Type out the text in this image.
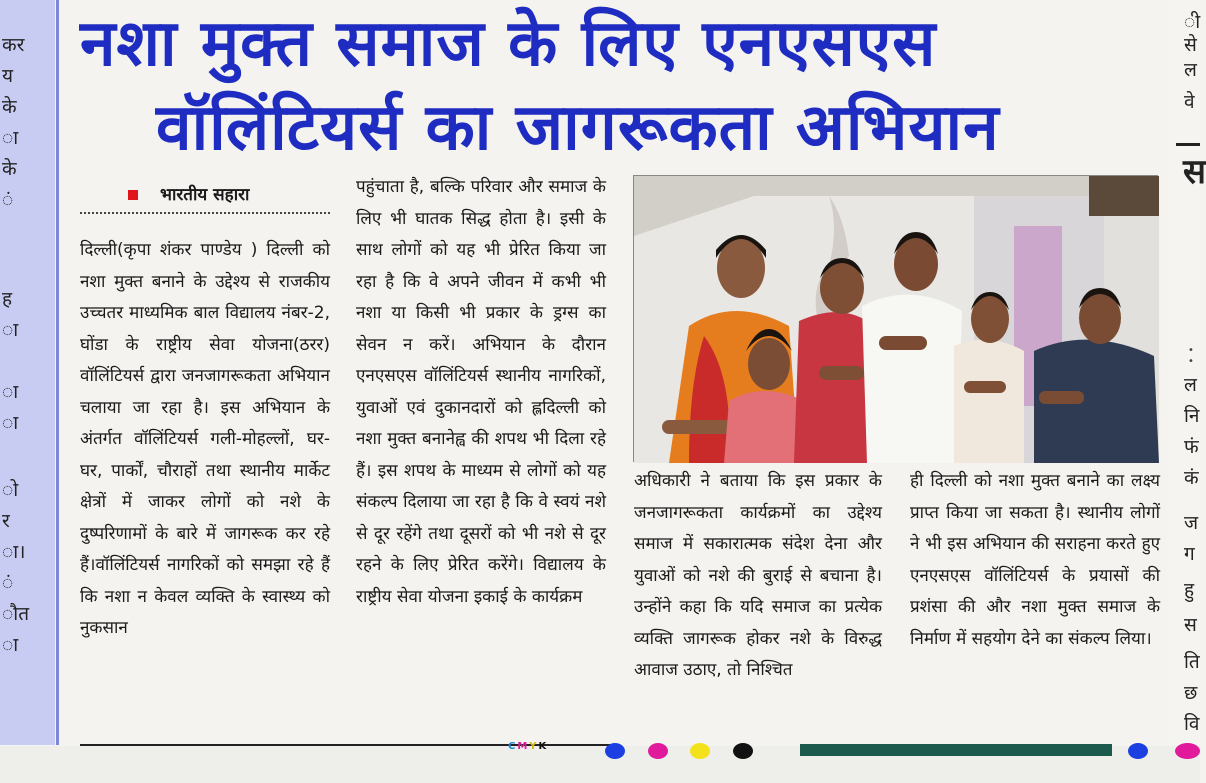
कर
य
के
ा
के
ं
ह
ा
ा
ा
ो
र
ा।
ं
ौत
ा
नशा मुक्त समाज के लिए एनएसएस
वॉलिंटियर्स का जागरूकता अभियान
भारतीय सहारा
दिल्ली(कृपा शंकर पाण्डेय ) दिल्ली को नशा मुक्त बनाने के उद्देश्य से राजकीय उच्चतर माध्यमिक बाल विद्यालय नंबर-2, घोंडा के राष्ट्रीय सेवा योजना(ठरर) वॉलिंटियर्स द्वारा जनजागरूकता अभियान चलाया जा रहा है। इस अभियान के अंतर्गत वॉलिंटियर्स गली-मोहल्लों, घर-घर, पार्कों, चौराहों तथा स्थानीय मार्केट क्षेत्रों में जाकर लोगों को नशे के दुष्परिणामों के बारे में जागरूक कर रहे हैं।वॉलिंटियर्स नागरिकों को समझा रहे हैं कि नशा न केवल व्यक्ति के स्वास्थ्य को नुकसान
पहुंचाता है, बल्कि परिवार और समाज के लिए भी घातक सिद्ध होता है। इसी के साथ लोगों को यह भी प्रेरित किया जा रहा है कि वे अपने जीवन में कभी भी नशा या किसी भी प्रकार के ड्रग्स का सेवन न करें। अभियान के दौरान एनएसएस वॉलिंटियर्स स्थानीय नागरिकों, युवाओं एवं दुकानदारों को ह्लदिल्ली को नशा मुक्त बनानेह्व की शपथ भी दिला रहे हैं। इस शपथ के माध्यम से लोगों को यह संकल्प दिलाया जा रहा है कि वे स्वयं नशे से दूर रहेंगे तथा दूसरों को भी नशे से दूर रहने के लिए प्रेरित करेंगे। विद्यालय के राष्ट्रीय सेवा योजना इकाई के कार्यक्रम
अधिकारी ने बताया कि इस प्रकार के जनजागरूकता कार्यक्रमों का उद्देश्य समाज में सकारात्मक संदेश देना और युवाओं को नशे की बुराई से बचाना है। उन्होंने कहा कि यदि समाज का प्रत्येक व्यक्ति जागरूक होकर नशे के विरुद्ध आवाज उठाए, तो निश्चित
ही दिल्ली को नशा मुक्त बनाने का लक्ष्य प्राप्त किया जा सकता है। स्थानीय लोगों ने भी इस अभियान की सराहना करते हुए एनएसएस वॉलिंटियर्स के प्रयासों की प्रशंसा की और नशा मुक्त समाज के निर्माण में सहयोग देने का संकल्प लिया।
ी
से
ल
वे
स
ल
नि
फं
कं
ज
ग
हु
स
ति
छ
वि
• •
CMYK
